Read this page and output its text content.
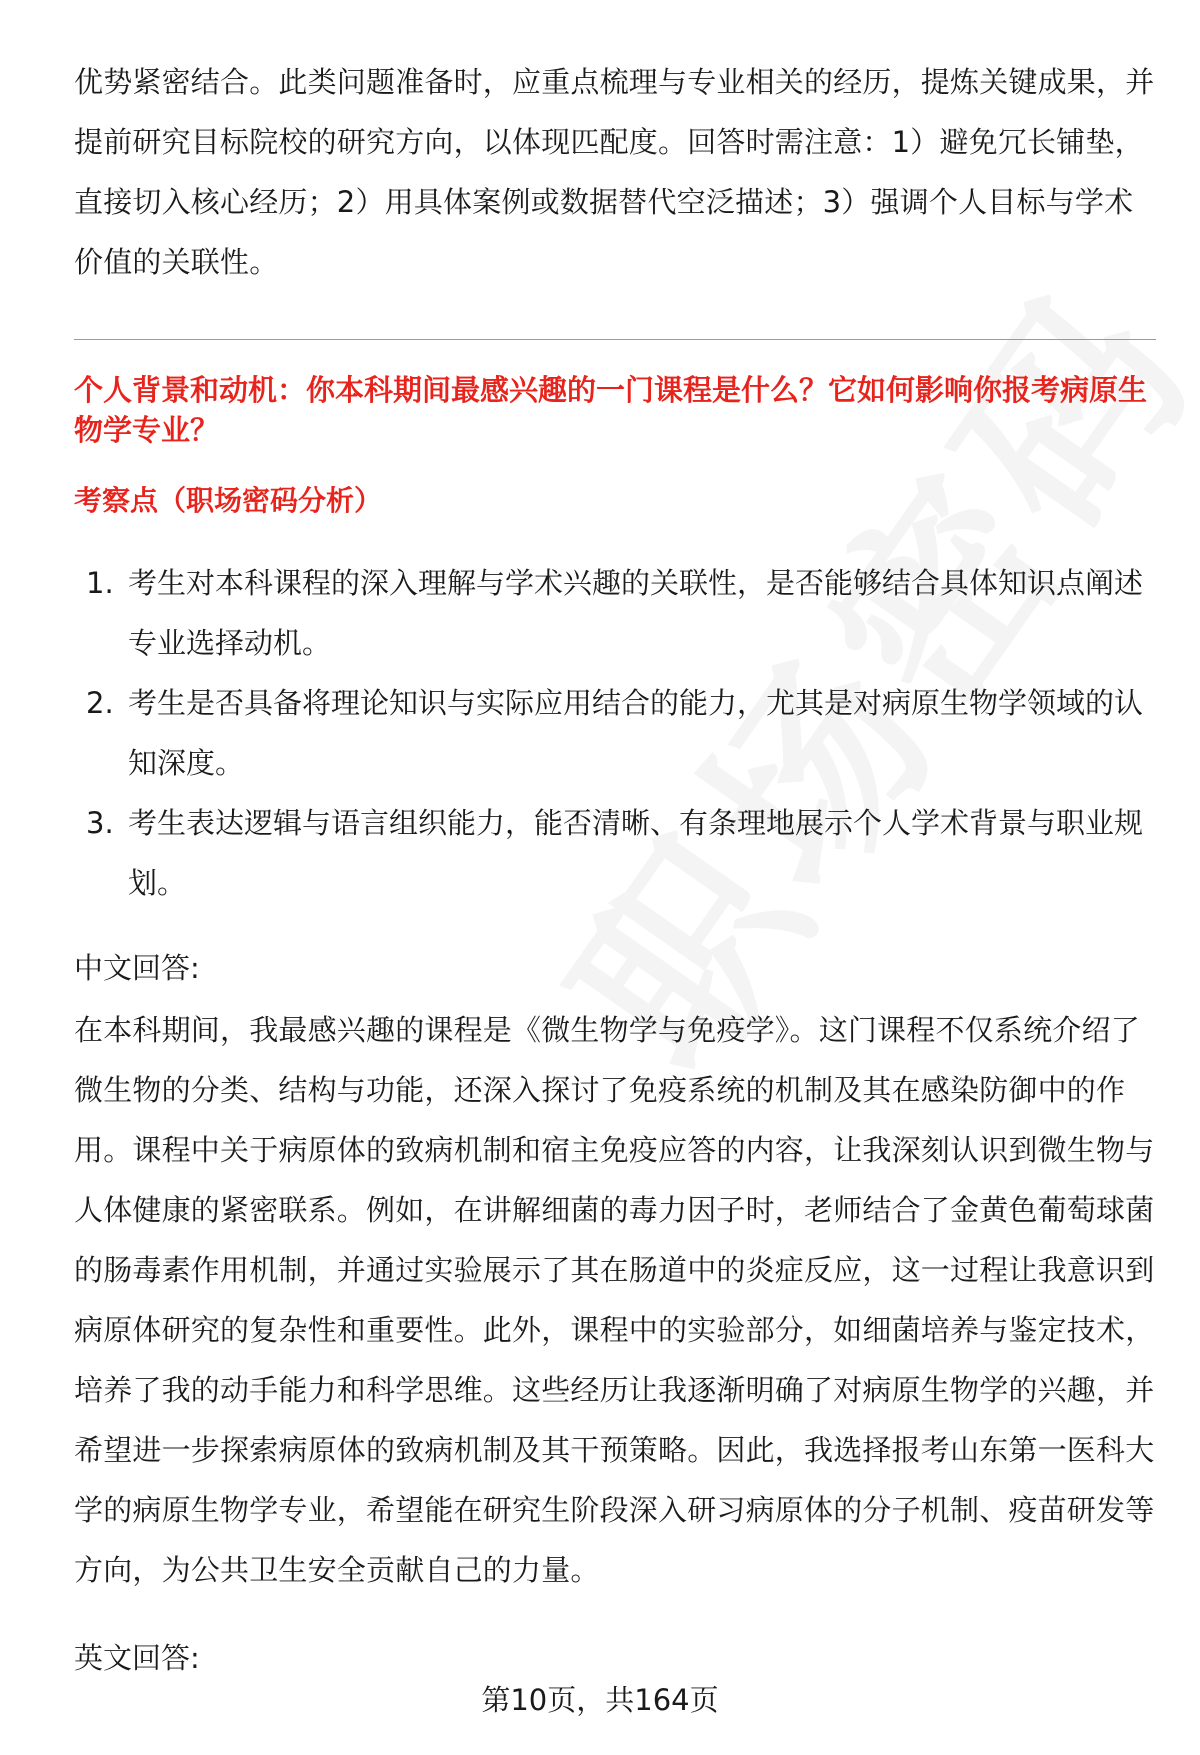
优势紧密结合。此类问题准备时，应重点梳理与专业相关的经历，提炼关键成果，并提前研究目标院校的研究方向，以体现匹配度。回答时需注意：1）避免冗长铺垫，直接切入核心经历；2）用具体案例或数据替代空泛描述；3）强调个人目标与学术价值的关联性。

个人背景和动机：你本科期间最感兴趣的一门课程是什么？它如何影响你报考病原生物学专业？

考察点（职场密码分析）

1. 考生对本科课程的深入理解与学术兴趣的关联性，是否能够结合具体知识点阐述专业选择动机。
2. 考生是否具备将理论知识与实际应用结合的能力，尤其是对病原生物学领域的认知深度。
3. 考生表达逻辑与语言组织能力，能否清晰、有条理地展示个人学术背景与职业规划。

中文回答:

在本科期间，我最感兴趣的课程是《微生物学与免疫学》。这门课程不仅系统介绍了微生物的分类、结构与功能，还深入探讨了免疫系统的机制及其在感染防御中的作用。课程中关于病原体的致病机制和宿主免疫应答的内容，让我深刻认识到微生物与人体健康的紧密联系。例如，在讲解细菌的毒力因子时，老师结合了金黄色葡萄球菌的肠毒素作用机制，并通过实验展示了其在肠道中的炎症反应，这一过程让我意识到病原体研究的复杂性和重要性。此外，课程中的实验部分，如细菌培养与鉴定技术，培养了我的动手能力和科学思维。这些经历让我逐渐明确了对病原生物学的兴趣，并希望进一步探索病原体的致病机制及其干预策略。因此，我选择报考山东第一医科大学的病原生物学专业，希望能在研究生阶段深入研习病原体的分子机制、疫苗研发等方向，为公共卫生安全贡献自己的力量。

英文回答:

第10页，共164页
